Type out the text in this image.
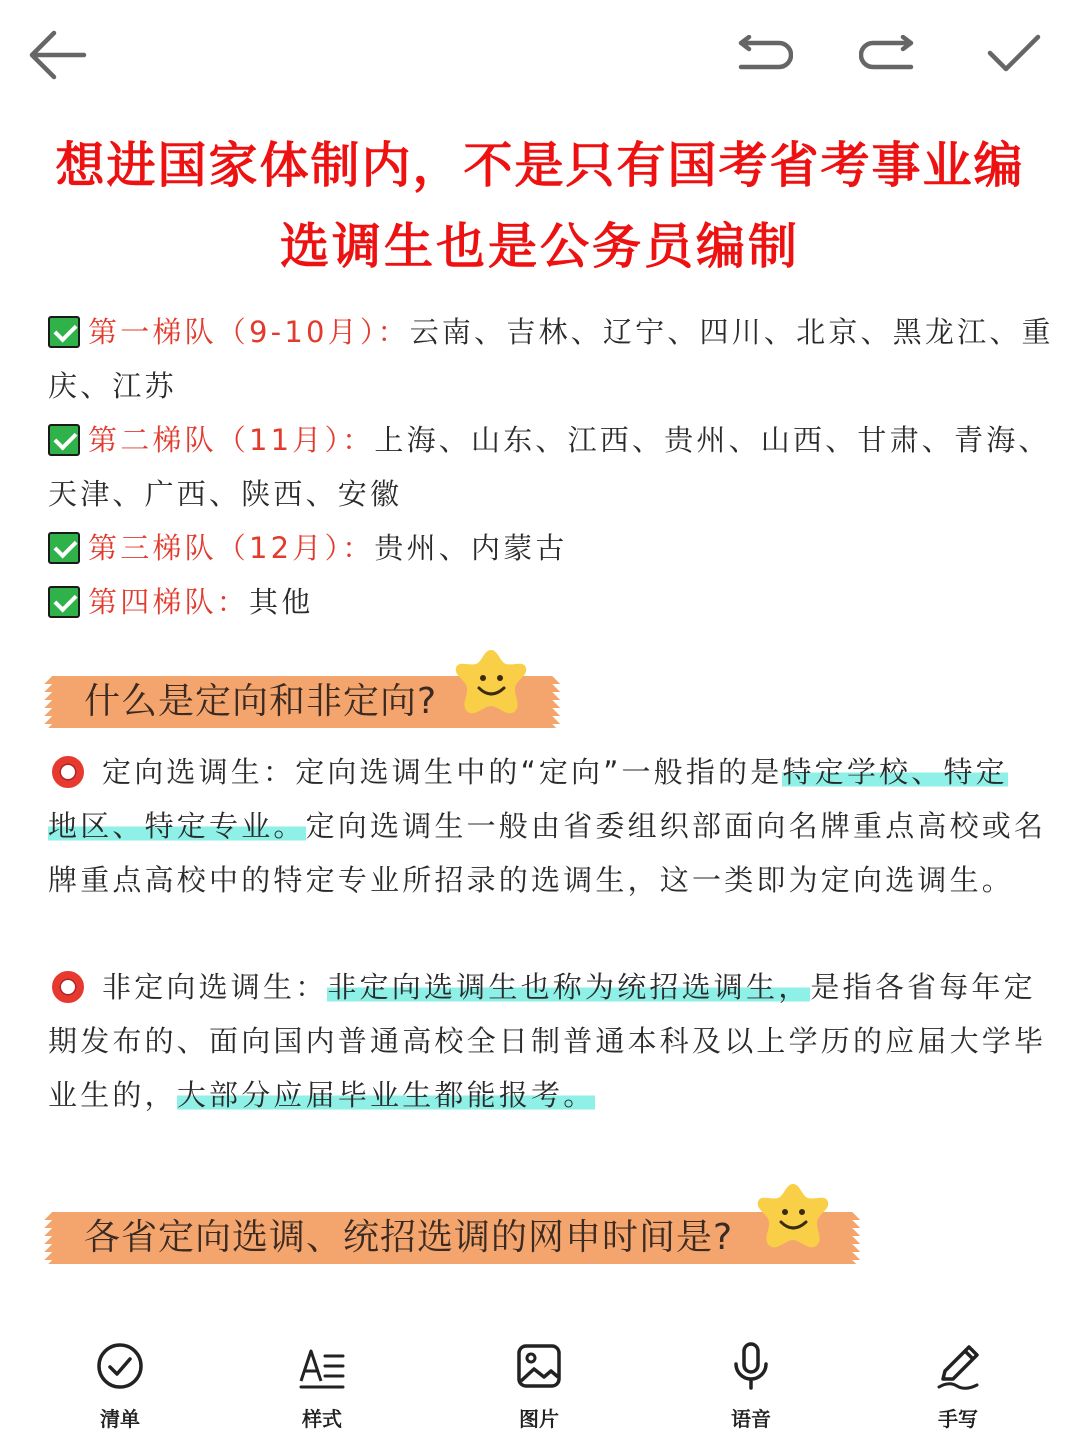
想进国家体制内，不是只有国考省考事业编
选调生也是公务员编制
第一梯队（9-10月）：云南、吉林、辽宁、四川、北京、黑龙江、重
庆、江苏
第二梯队（11月）：上海、山东、江西、贵州、山西、甘肃、青海、
天津、广西、陕西、安徽
第三梯队（12月）：贵州、内蒙古
第四梯队：其他
什么是定向和非定向?
定向选调生：定向选调生中的“定向”一般指的是特定学校、特定
地区、特定专业。定向选调生一般由省委组织部面向名牌重点高校或名
牌重点高校中的特定专业所招录的选调生，这一类即为定向选调生。
非定向选调生：非定向选调生也称为统招选调生，是指各省每年定
期发布的、面向国内普通高校全日制普通本科及以上学历的应届大学毕
业生的，大部分应届毕业生都能报考。
各省定向选调、统招选调的网申时间是?
清单	样式	图片	语音	手写
